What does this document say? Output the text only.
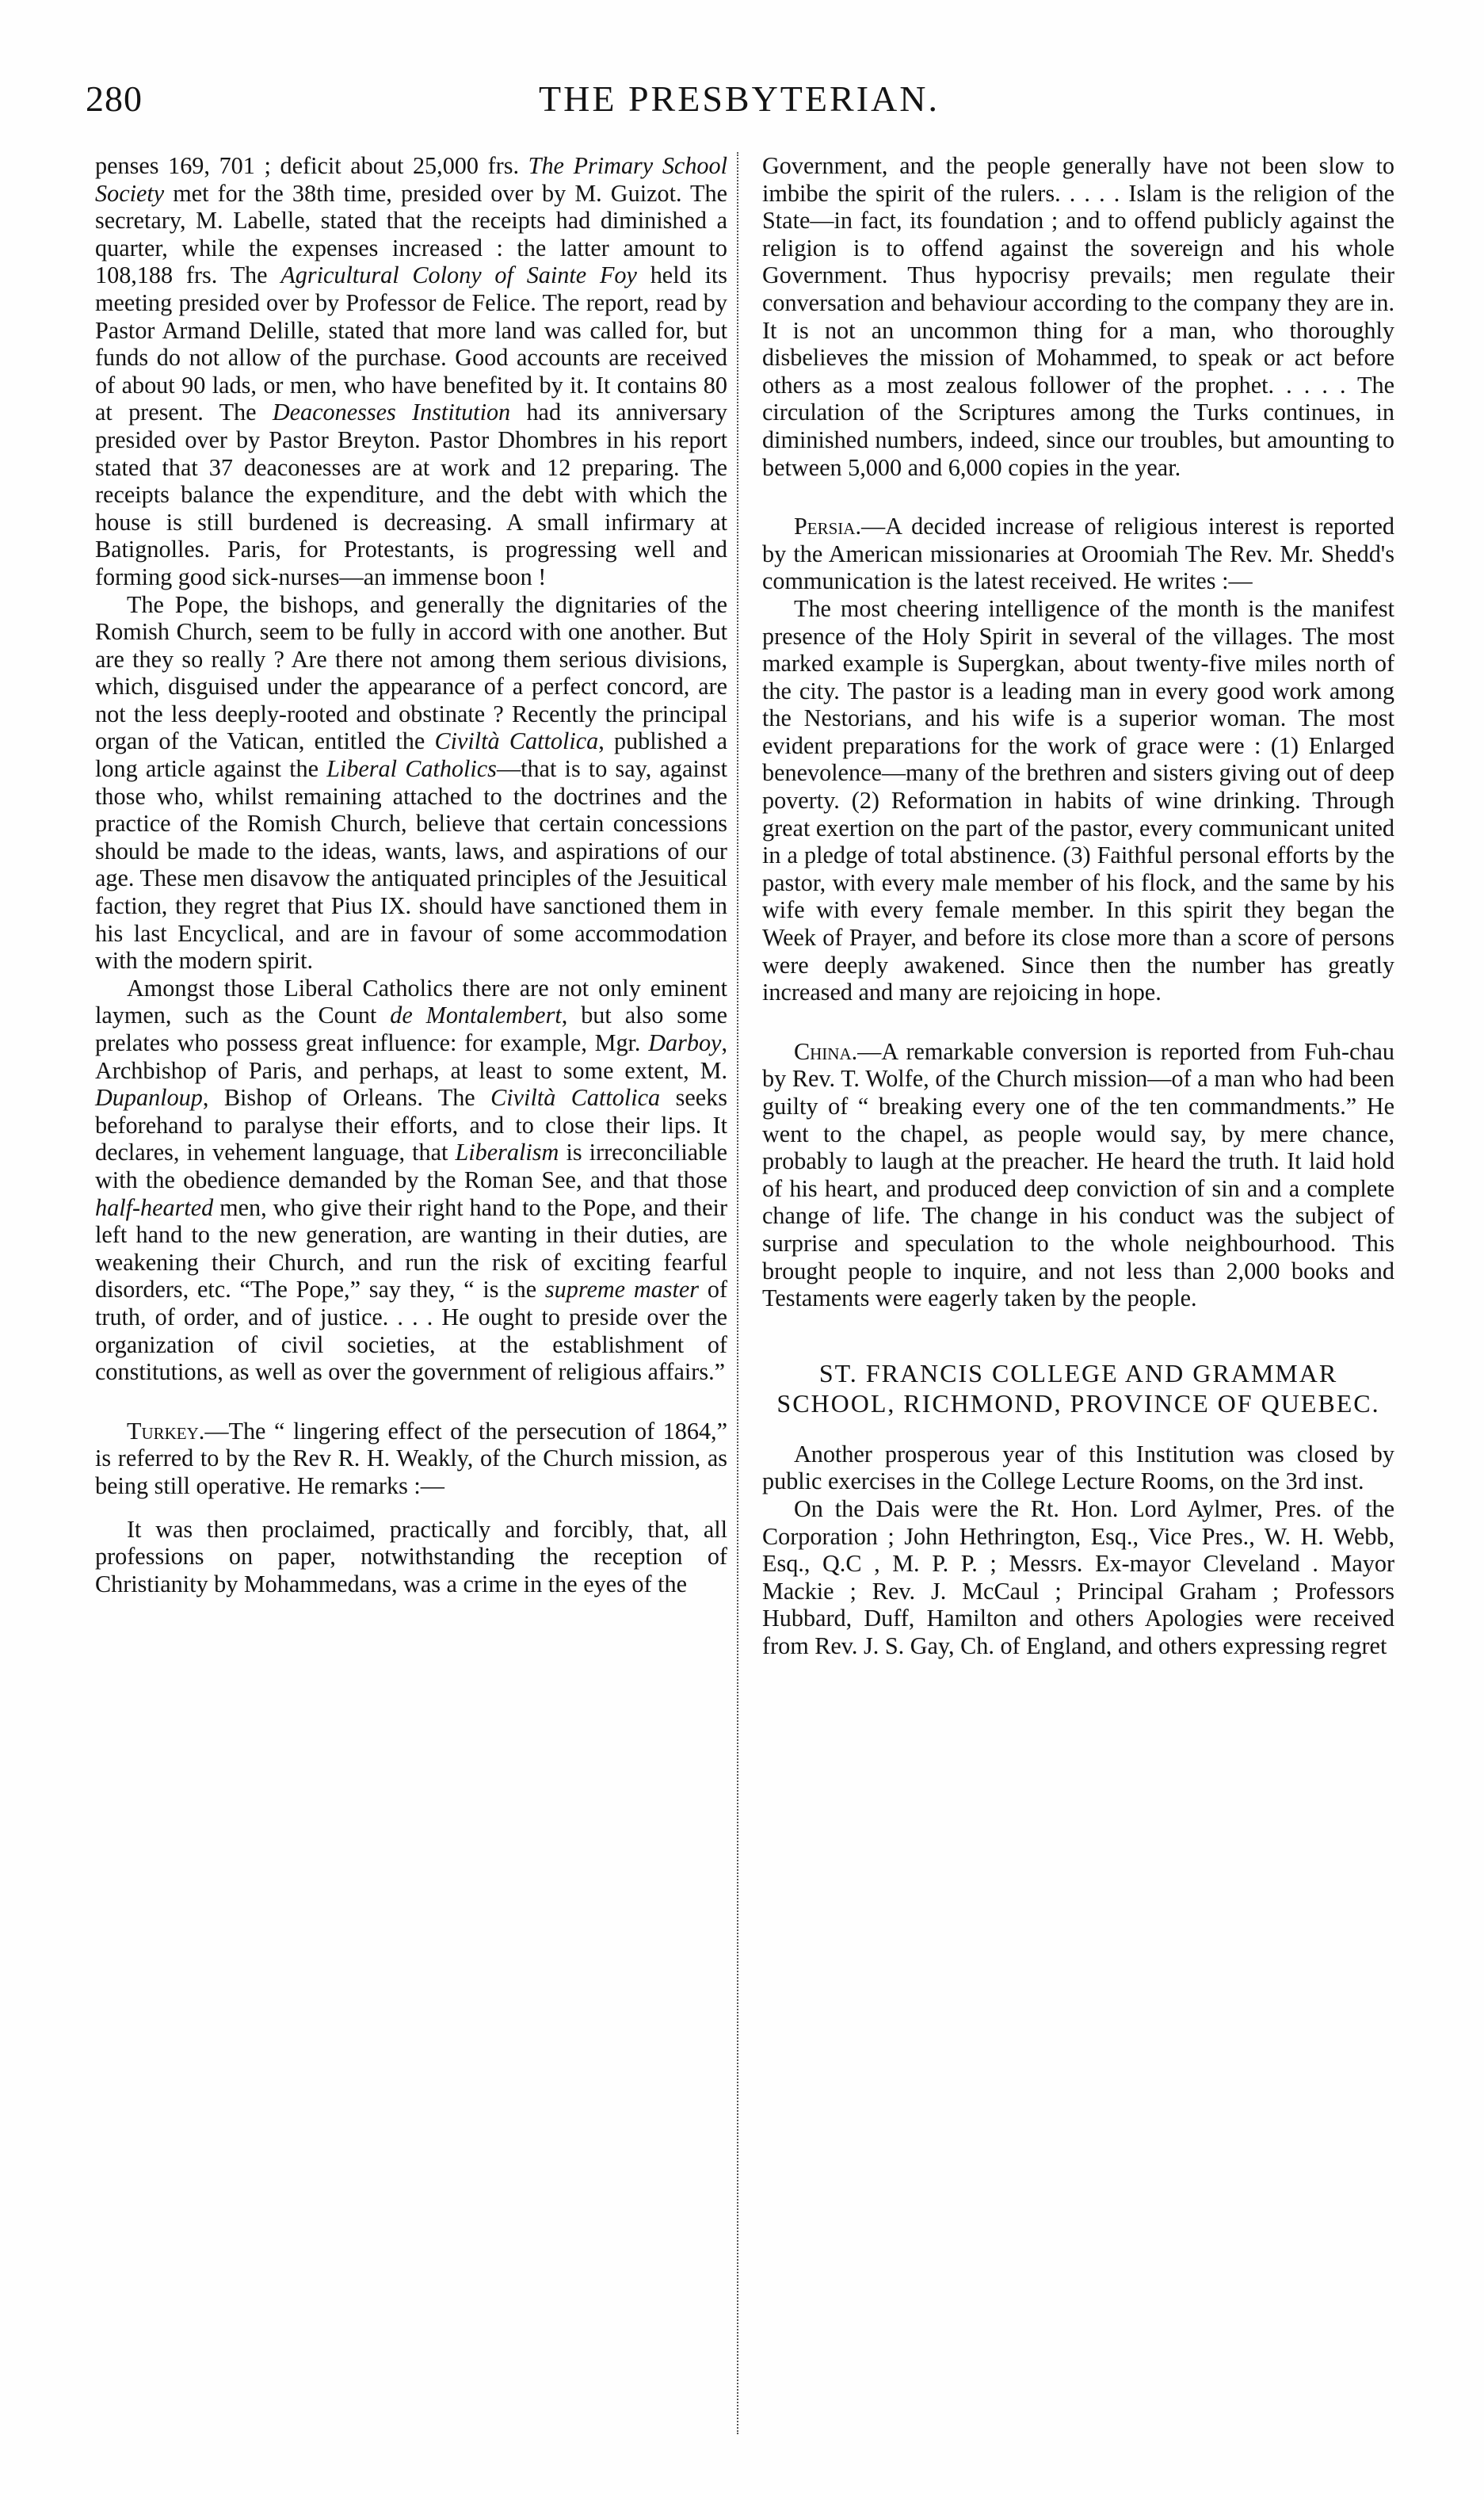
280	THE PRESBYTERIAN.

penses 169, 701 ; deficit about 25,000 frs. The Primary School Society met for the 38th time, presided over by M. Guizot. The secretary, M. Labelle, stated that the receipts had diminished a quarter, while the expenses increased : the latter amount to 108,188 frs. The Agricultural Colony of Sainte Foy held its meeting presided over by Professor de Felice. The report, read by Pastor Armand Delille, stated that more land was called for, but funds do not allow of the purchase. Good accounts are received of about 90 lads, or men, who have benefited by it. It contains 80 at present. The Deaconesses Institution had its anniversary presided over by Pastor Breyton. Pastor Dhombres in his report stated that 37 deaconesses are at work and 12 preparing. The receipts balance the expenditure, and the debt with which the house is still burdened is decreasing. A small infirmary at Batignolles. Paris, for Protestants, is progressing well and forming good sick-nurses—an immense boon !

The Pope, the bishops, and generally the dignitaries of the Romish Church, seem to be fully in accord with one another. But are they so really ? Are there not among them serious divisions, which, disguised under the appearance of a perfect concord, are not the less deeply-rooted and obstinate ? Recently the principal organ of the Vatican, entitled the Civiltà Cattolica, published a long article against the Liberal Catholics—that is to say, against those who, whilst remaining attached to the doctrines and the practice of the Romish Church, believe that certain concessions should be made to the ideas, wants, laws, and aspirations of our age. These men disavow the antiquated principles of the Jesuitical faction, they regret that Pius IX. should have sanctioned them in his last Encyclical, and are in favour of some accommodation with the modern spirit.

Amongst those Liberal Catholics there are not only eminent laymen, such as the Count de Montalembert, but also some prelates who possess great influence: for example, Mgr. Darboy, Archbishop of Paris, and perhaps, at least to some extent, M. Dupanloup, Bishop of Orleans. The Civiltà Cattolica seeks beforehand to paralyse their efforts, and to close their lips. It declares, in vehement language, that Liberalism is irreconciliable with the obedience demanded by the Roman See, and that those half-hearted men, who give their right hand to the Pope, and their left hand to the new generation, are wanting in their duties, are weakening their Church, and run the risk of exciting fearful disorders, etc. “The Pope,” say they, “ is the supreme master of truth, of order, and of justice. . . . He ought to preside over the organization of civil societies, at the establishment of constitutions, as well as over the government of religious affairs.”

Turkey.—The “ lingering effect of the persecution of 1864,” is referred to by the Rev R. H. Weakly, of the Church mission, as being still operative. He remarks :—

It was then proclaimed, practically and forcibly, that, all professions on paper, notwithstanding the reception of Christianity by Mohammedans, was a crime in the eyes of the

Government, and the people generally have not been slow to imbibe the spirit of the rulers. . . . . Islam is the religion of the State—in fact, its foundation ; and to offend publicly against the religion is to offend against the sovereign and his whole Government. Thus hypocrisy prevails; men regulate their conversation and behaviour according to the company they are in. It is not an uncommon thing for a man, who thoroughly disbelieves the mission of Mohammed, to speak or act before others as a most zealous follower of the prophet. . . . . The circulation of the Scriptures among the Turks continues, in diminished numbers, indeed, since our troubles, but amounting to between 5,000 and 6,000 copies in the year.

Persia.—A decided increase of religious interest is reported by the American missionaries at Oroomiah The Rev. Mr. Shedd's communication is the latest received. He writes :—

The most cheering intelligence of the month is the manifest presence of the Holy Spirit in several of the villages. The most marked example is Supergkan, about twenty-five miles north of the city. The pastor is a leading man in every good work among the Nestorians, and his wife is a superior woman. The most evident preparations for the work of grace were : (1) Enlarged benevolence—many of the brethren and sisters giving out of deep poverty. (2) Reformation in habits of wine drinking. Through great exertion on the part of the pastor, every communicant united in a pledge of total abstinence. (3) Faithful personal efforts by the pastor, with every male member of his flock, and the same by his wife with every female member. In this spirit they began the Week of Prayer, and before its close more than a score of persons were deeply awakened. Since then the number has greatly increased and many are rejoicing in hope.

China.—A remarkable conversion is reported from Fuh-chau by Rev. T. Wolfe, of the Church mission—of a man who had been guilty of “ breaking every one of the ten commandments.” He went to the chapel, as people would say, by mere chance, probably to laugh at the preacher. He heard the truth. It laid hold of his heart, and produced deep conviction of sin and a complete change of life. The change in his conduct was the subject of surprise and speculation to the whole neighbourhood. This brought people to inquire, and not less than 2,000 books and Testaments were eagerly taken by the people.

ST. FRANCIS COLLEGE AND GRAMMAR SCHOOL, RICHMOND, PROVINCE OF QUEBEC.

Another prosperous year of this Institution was closed by public exercises in the College Lecture Rooms, on the 3rd inst.

On the Dais were the Rt. Hon. Lord Aylmer, Pres. of the Corporation ; John Hethrington, Esq., Vice Pres., W. H. Webb, Esq., Q.C , M. P. P. ; Messrs. Ex-mayor Cleveland . Mayor Mackie ; Rev. J. McCaul ; Principal Graham ; Professors Hubbard, Duff, Hamilton and others Apologies were received from Rev. J. S. Gay, Ch. of England, and others expressing regret
